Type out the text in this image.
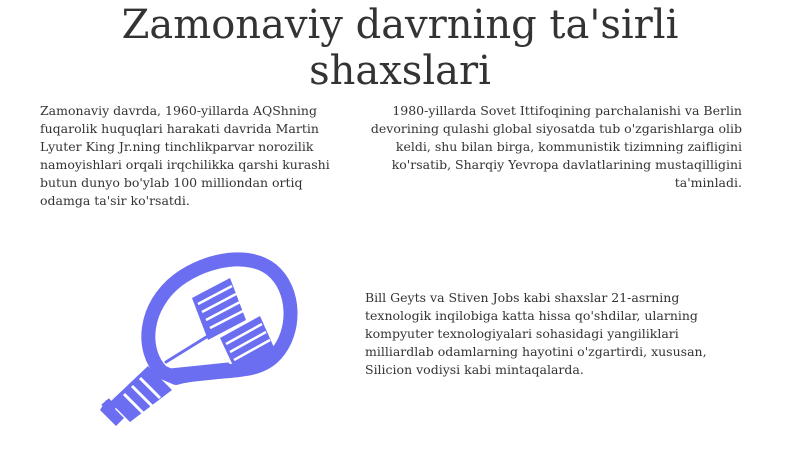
Zamonaviy davrning ta'sirli shaxslari

Zamonaviy davrda, 1960-yillarda AQShning fuqarolik huquqlari harakati davrida Martin Lyuter King Jr.ning tinchlikparvar norozilik namoyishlari orqali irqchilikka qarshi kurashi butun dunyo bo'ylab 100 milliondan ortiq odamga ta'sir ko'rsatdi.

1980-yillarda Sovet Ittifoqining parchalanishi va Berlin devorining qulashi global siyosatda tub o'zgarishlarga olib keldi, shu bilan birga, kommunistik tizimning zaifligini ko'rsatib, Sharqiy Yevropa davlatlarining mustaqilligini ta'minladi.

Bill Geyts va Stiven Jobs kabi shaxslar 21-asrning texnologik inqilobiga katta hissa qo'shdilar, ularning kompyuter texnologiyalari sohasidagi yangiliklari milliardlab odamlarning hayotini o'zgartirdi, xususan, Silicion vodiysi kabi mintaqalarda.
